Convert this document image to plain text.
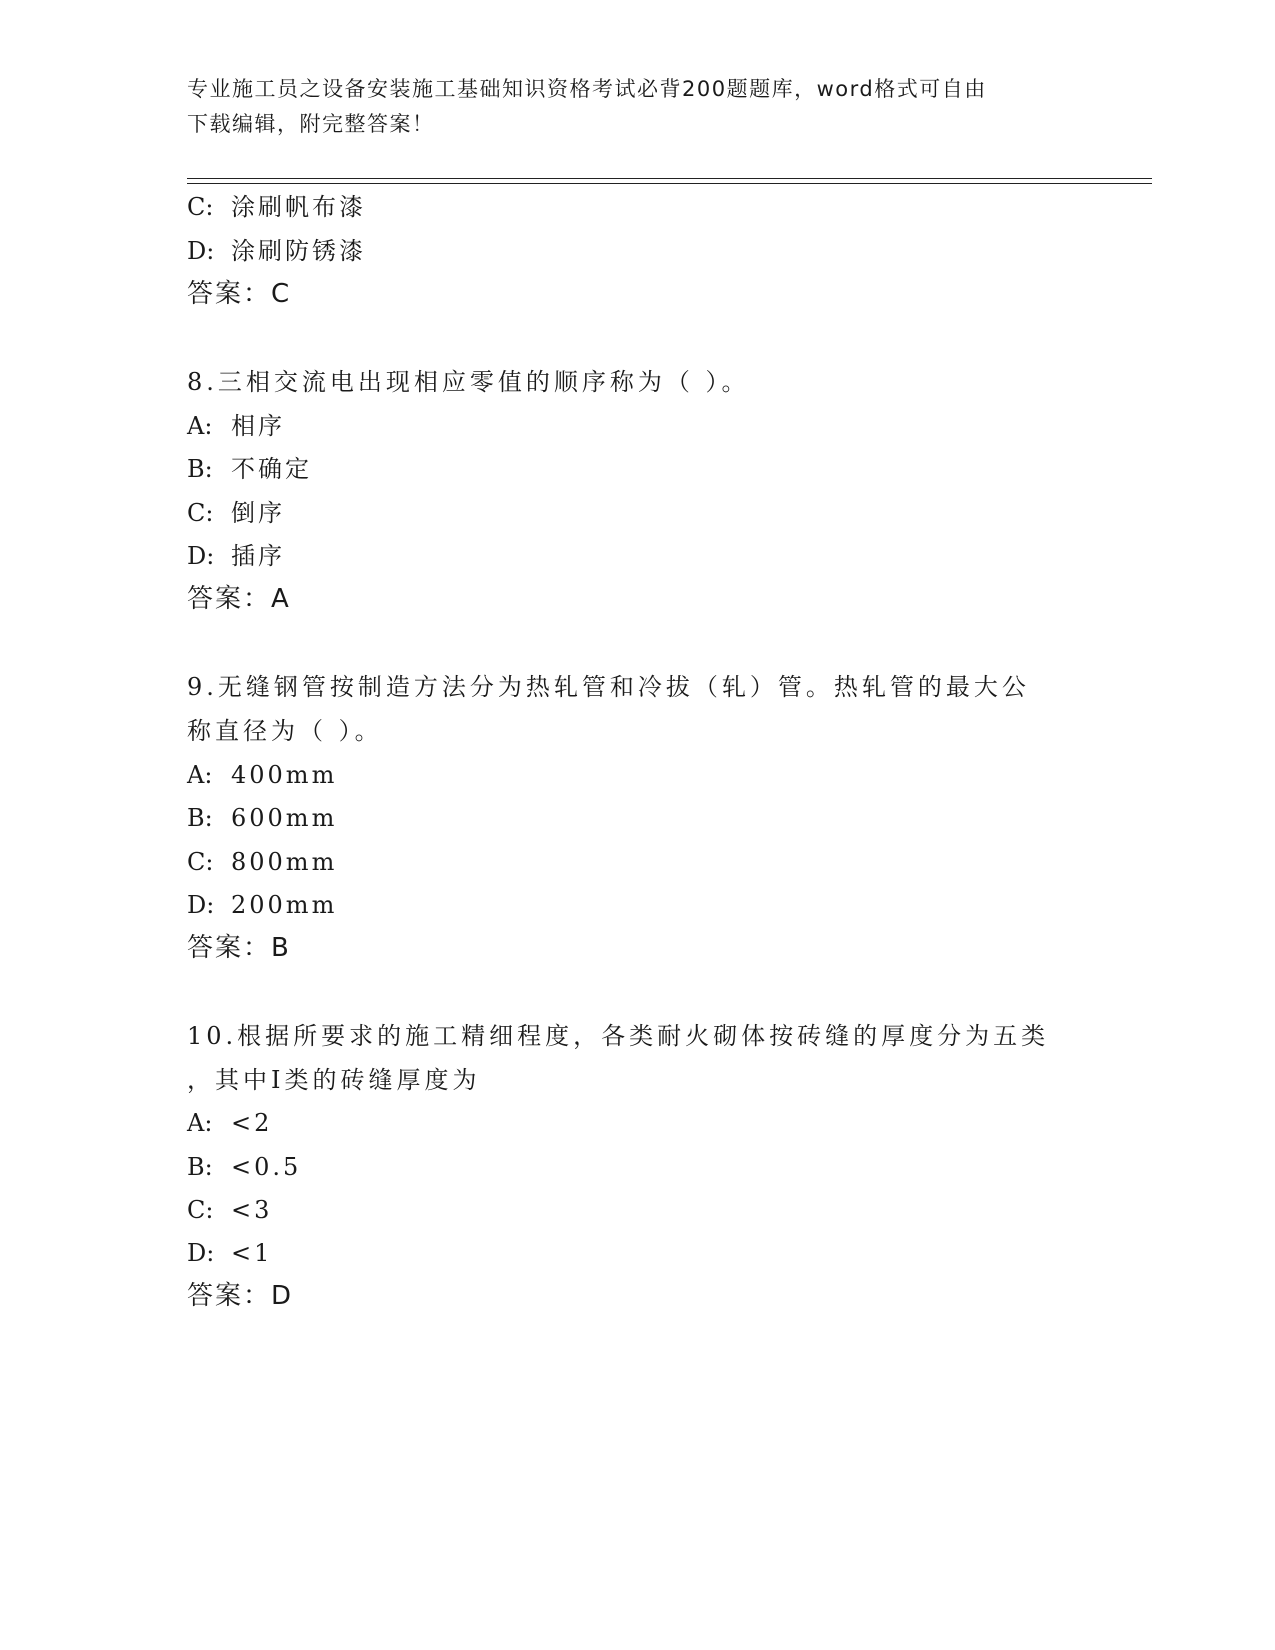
专业施工员之设备安装施工基础知识资格考试必背200题题库，word格式可自由
下载编辑，附完整答案！
C: 涂刷帆布漆
D: 涂刷防锈漆
答案：C
8.三相交流电出现相应零值的顺序称为（ ）。
A: 相序
B: 不确定
C: 倒序
D: 插序
答案：A
9.无缝钢管按制造方法分为热轧管和冷拔（轧）管。热轧管的最大公
称直径为（ ）。
A: 400mm
B: 600mm
C: 800mm
D: 200mm
答案：B
10.根据所要求的施工精细程度，各类耐火砌体按砖缝的厚度分为五类
，其中Ⅰ类的砖缝厚度为
A: <2
B: <0.5
C: <3
D: <1
答案：D
